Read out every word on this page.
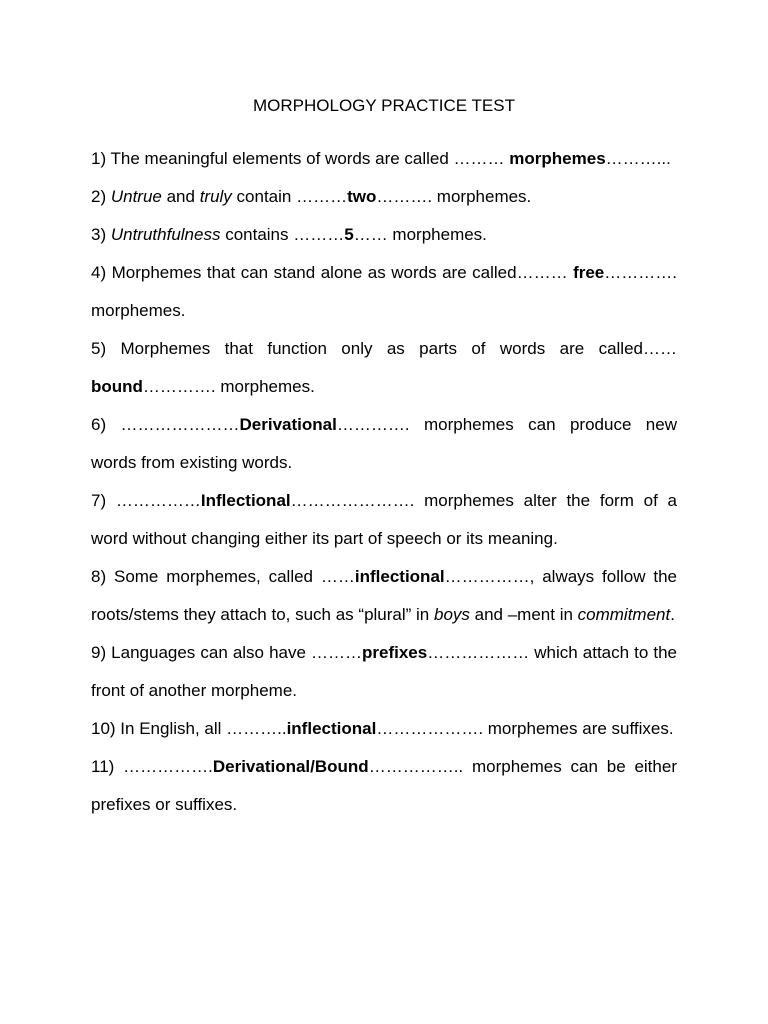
MORPHOLOGY PRACTICE TEST

1) The meaningful elements of words are called ……… morphemes………...

2) Untrue and truly contain ………two………. morphemes.

3) Untruthfulness contains ………5…… morphemes.

4) Morphemes that can stand alone as words are called……… free…………. morphemes.

5) Morphemes that function only as parts of words are called…… bound…………. morphemes.

6) …………………Derivational…………. morphemes can produce new words from existing words.

7) ……………Inflectional…………………. morphemes alter the form of a word without changing either its part of speech or its meaning.

8) Some morphemes, called ……inflectional……………, always follow the roots/stems they attach to, such as “plural” in boys and –ment in commitment.

9) Languages can also have ………prefixes……………… which attach to the front of another morpheme.

10) In English, all ………..inflectional………………. morphemes are suffixes.

11) …………….Derivational/Bound…………….. morphemes can be either prefixes or suffixes.
